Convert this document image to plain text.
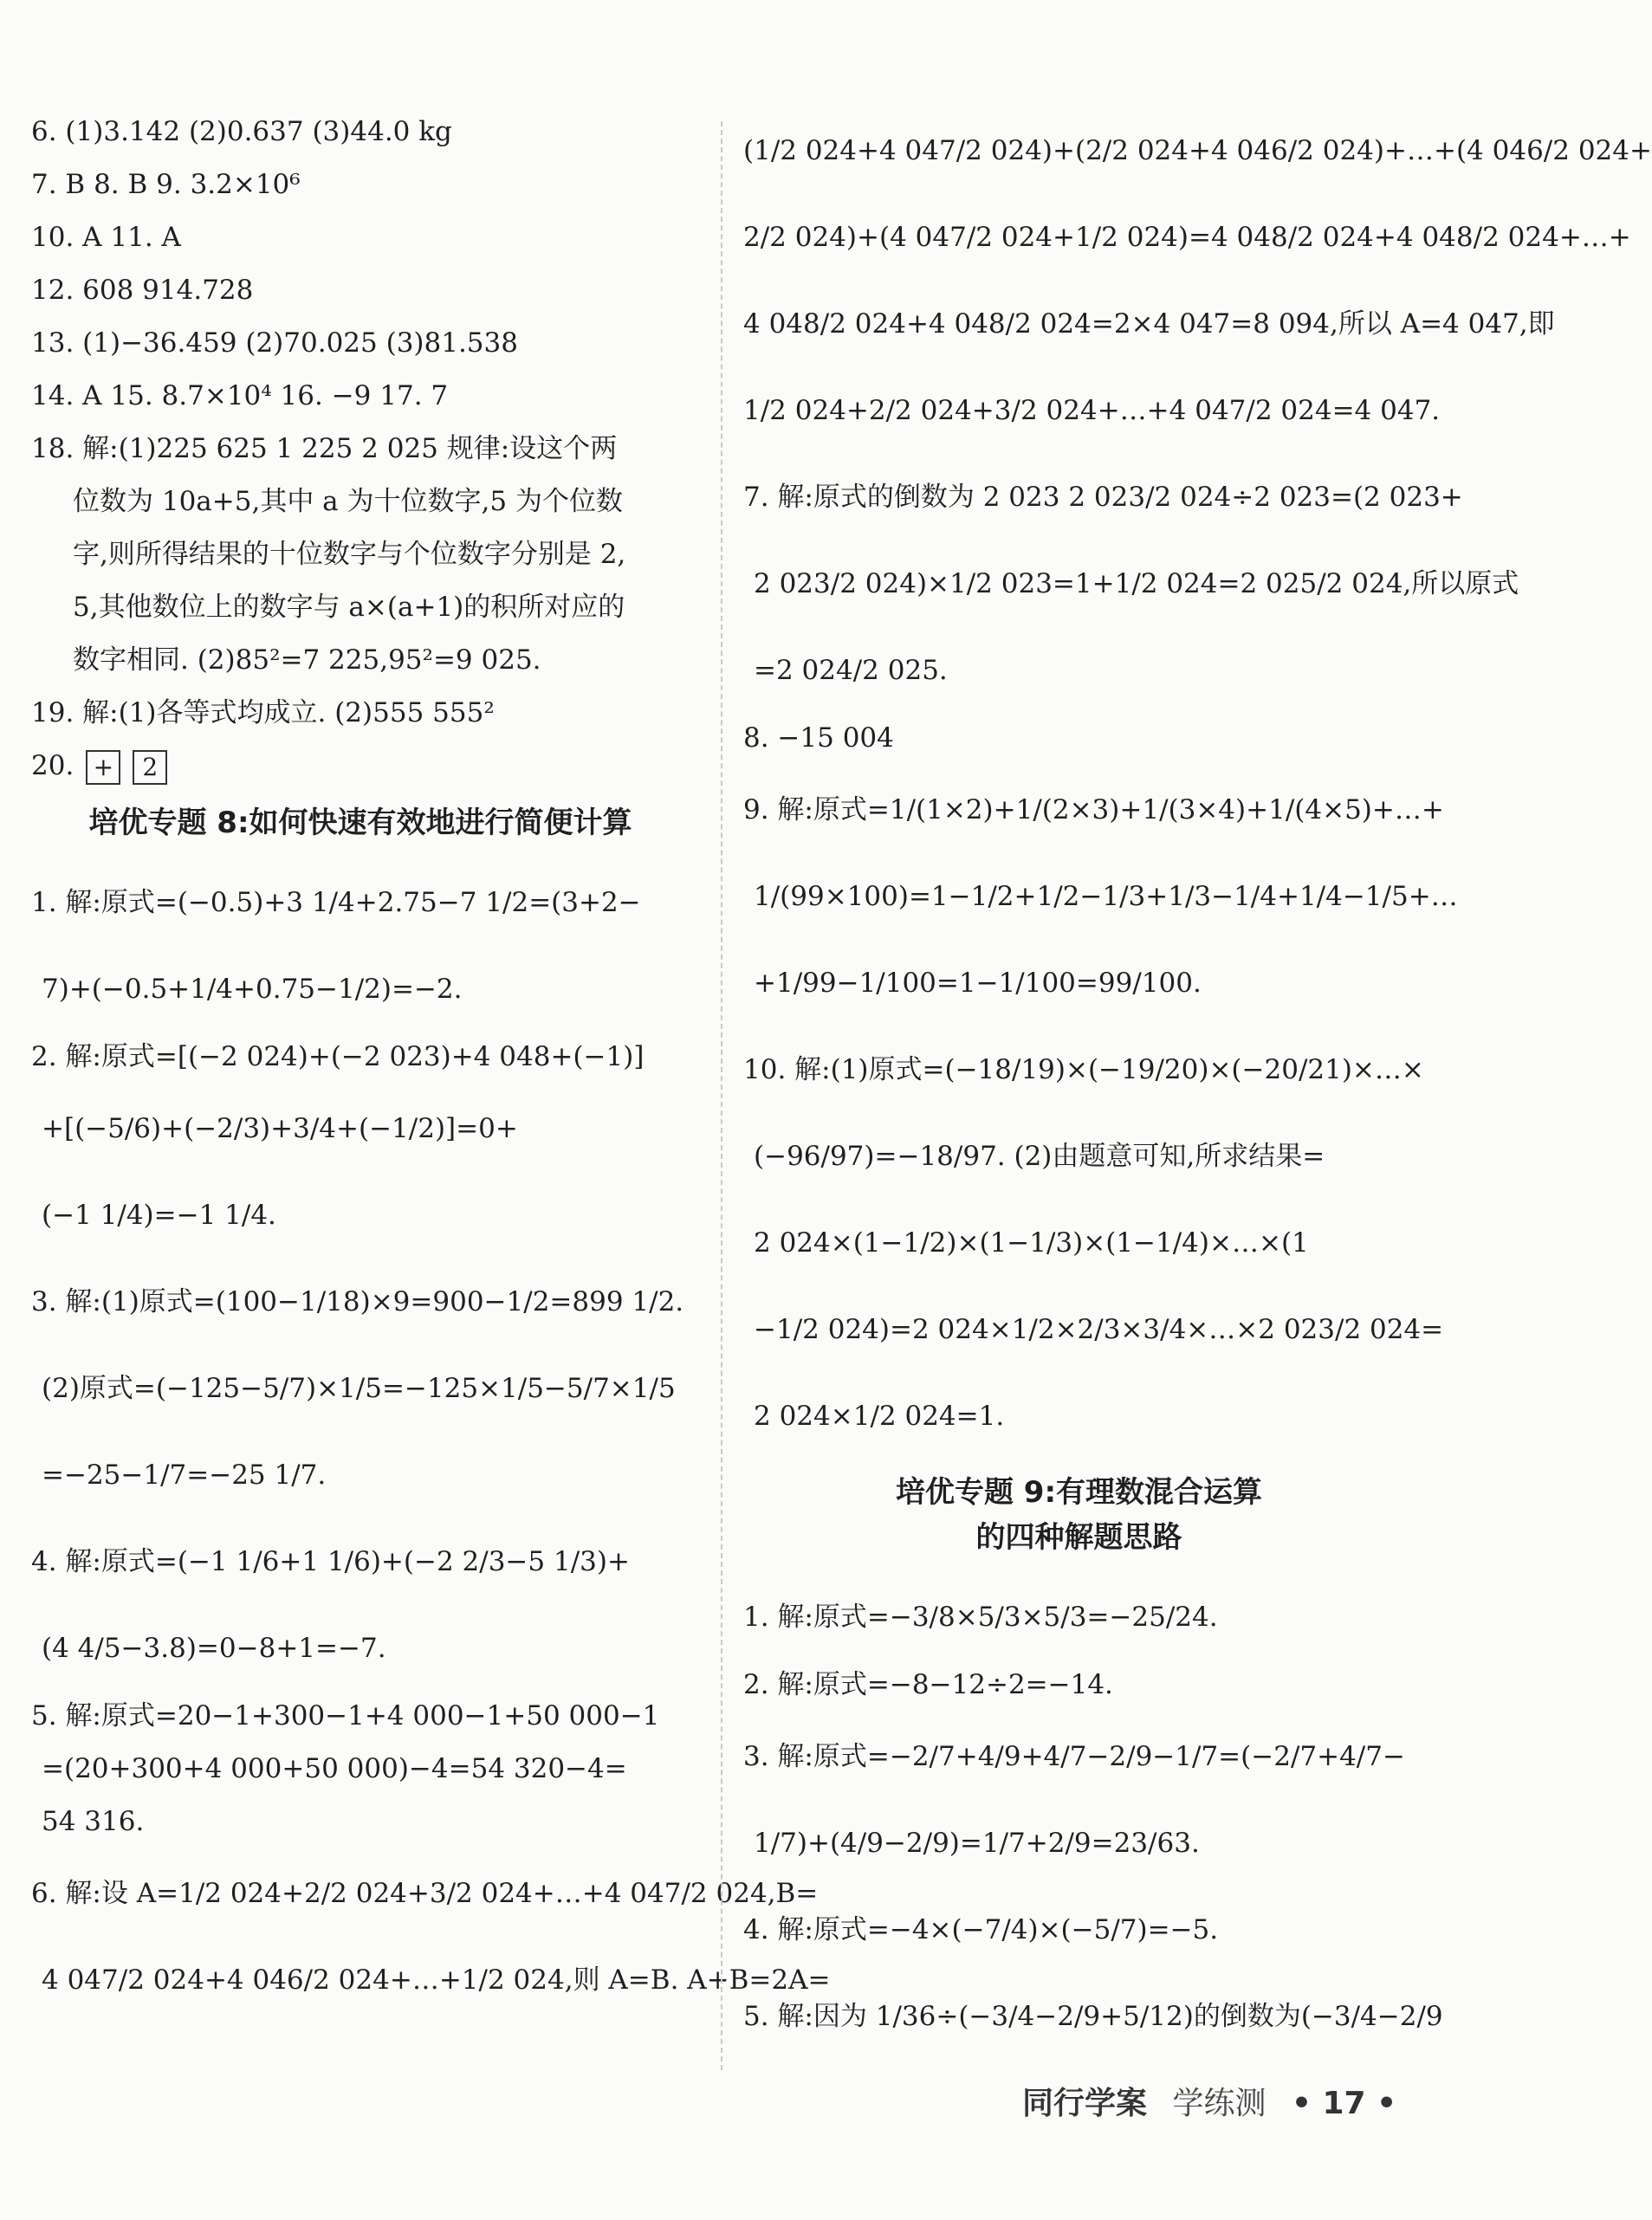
6. (1)3.142 (2)0.637 (3)44.0 kg
7. B 8. B 9. 3.2×10⁶
10. A 11. A
12. 608 914.728
13. (1)−36.459 (2)70.025 (3)81.538
14. A 15. 8.7×10⁴ 16. −9 17. 7
18. 解:(1)225 625 1 225 2 025 规律:设这个两
位数为 10a+5,其中 a 为十位数字,5 为个位数
字,则所得结果的十位数字与个位数字分别是 2,
5,其他数位上的数字与 a×(a+1)的积所对应的
数字相同. (2)85²=7 225,95²=9 025.
19. 解:(1)各等式均成立. (2)555 555²
20. + 2
培优专题 8:如何快速有效地进行简便计算
1. 解:原式=(−0.5)+3 1/4+2.75−7 1/2=(3+2−
7)+(−0.5+1/4+0.75−1/2)=−2.
2. 解:原式=[(−2 024)+(−2 023)+4 048+(−1)]
+[(−5/6)+(−2/3)+3/4+(−1/2)]=0+
(−1 1/4)=−1 1/4.
3. 解:(1)原式=(100−1/18)×9=900−1/2=899 1/2.
(2)原式=(−125−5/7)×1/5=−125×1/5−5/7×1/5
=−25−1/7=−25 1/7.
4. 解:原式=(−1 1/6+1 1/6)+(−2 2/3−5 1/3)+
(4 4/5−3.8)=0−8+1=−7.
5. 解:原式=20−1+300−1+4 000−1+50 000−1
=(20+300+4 000+50 000)−4=54 320−4=
54 316.
6. 解:设 A=1/2 024+2/2 024+3/2 024+…+4 047/2 024,B=
4 047/2 024+4 046/2 024+…+1/2 024,则 A=B. A+B=2A=
(1/2 024+4 047/2 024)+(2/2 024+4 046/2 024)+…+(4 046/2 024+
2/2 024)+(4 047/2 024+1/2 024)=4 048/2 024+4 048/2 024+…+
4 048/2 024+4 048/2 024=2×4 047=8 094,所以 A=4 047,即
1/2 024+2/2 024+3/2 024+…+4 047/2 024=4 047.
7. 解:原式的倒数为 2 023 2 023/2 024÷2 023=(2 023+
2 023/2 024)×1/2 023=1+1/2 024=2 025/2 024,所以原式
=2 024/2 025.
8. −15 004
9. 解:原式=1/(1×2)+1/(2×3)+1/(3×4)+1/(4×5)+…+
1/(99×100)=1−1/2+1/2−1/3+1/3−1/4+1/4−1/5+…
+1/99−1/100=1−1/100=99/100.
10. 解:(1)原式=(−18/19)×(−19/20)×(−20/21)×…×
(−96/97)=−18/97. (2)由题意可知,所求结果=
2 024×(1−1/2)×(1−1/3)×(1−1/4)×…×(1
−1/2 024)=2 024×1/2×2/3×3/4×…×2 023/2 024=
2 024×1/2 024=1.
培优专题 9:有理数混合运算
的四种解题思路
1. 解:原式=−3/8×5/3×5/3=−25/24.
2. 解:原式=−8−12÷2=−14.
3. 解:原式=−2/7+4/9+4/7−2/9−1/7=(−2/7+4/7−
1/7)+(4/9−2/9)=1/7+2/9=23/63.
4. 解:原式=−4×(−7/4)×(−5/7)=−5.
5. 解:因为 1/36÷(−3/4−2/9+5/12)的倒数为(−3/4−2/9
同行学案 学练测 • 17 •
